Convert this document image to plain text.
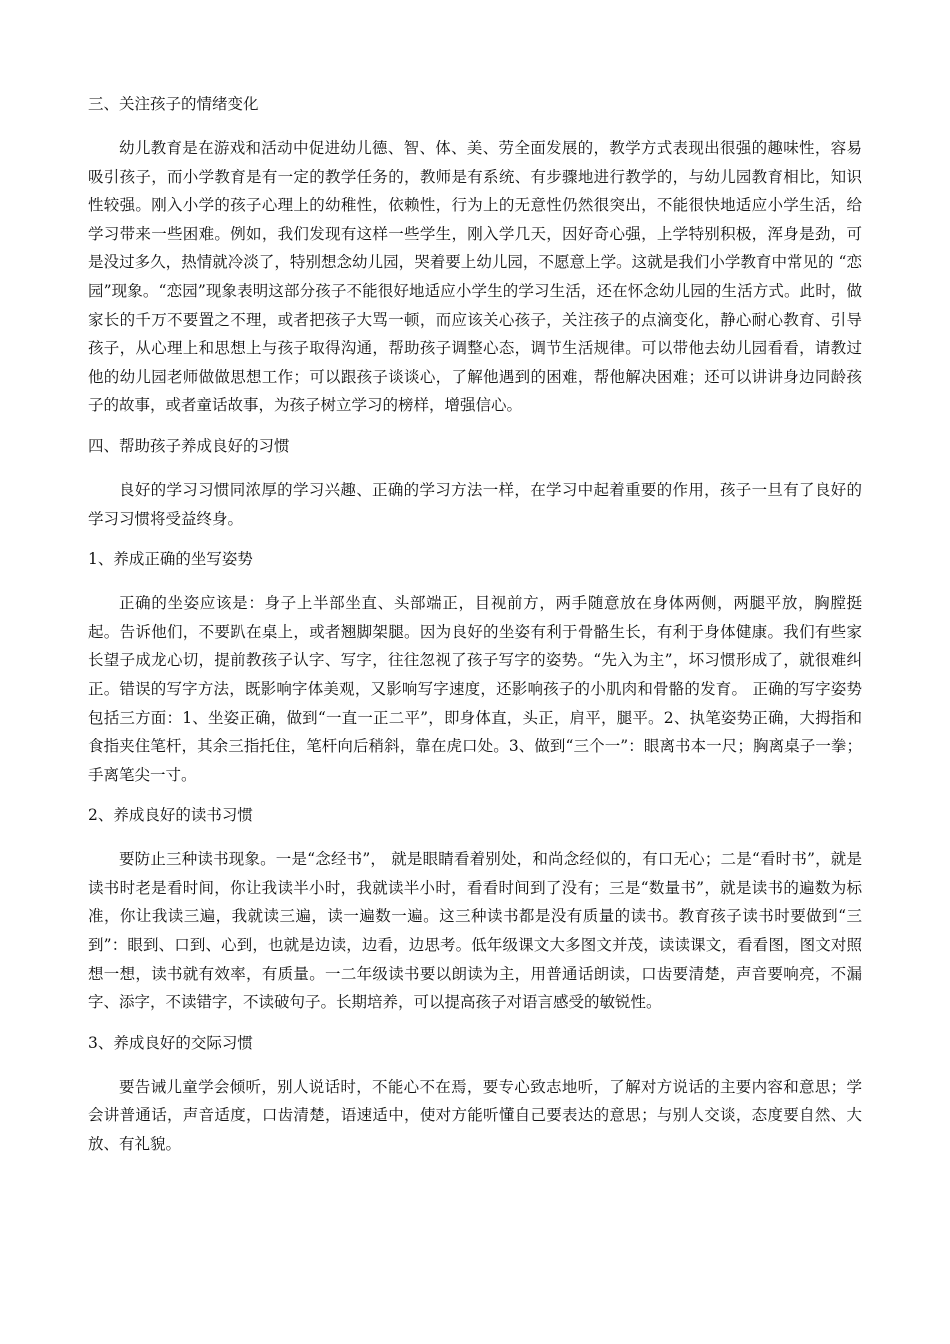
三、关注孩子的情绪变化

幼儿教育是在游戏和活动中促进幼儿德、智、体、美、劳全面发展的，教学方式表现出很强的趣味性，容易吸引孩子，而小学教育是有一定的教学任务的，教师是有系统、有步骤地进行教学的，与幼儿园教育相比，知识性较强。刚入小学的孩子心理上的幼稚性，依赖性，行为上的无意性仍然很突出，不能很快地适应小学生活，给学习带来一些困难。例如，我们发现有这样一些学生，刚入学几天，因好奇心强，上学特别积极，浑身是劲，可是没过多久，热情就冷淡了，特别想念幼儿园，哭着要上幼儿园，不愿意上学。这就是我们小学教育中常见的 “恋园”现象。“恋园”现象表明这部分孩子不能很好地适应小学生的学习生活，还在怀念幼儿园的生活方式。此时，做家长的千万不要置之不理，或者把孩子大骂一顿，而应该关心孩子，关注孩子的点滴变化，静心耐心教育、引导孩子，从心理上和思想上与孩子取得沟通，帮助孩子调整心态，调节生活规律。可以带他去幼儿园看看，请教过他的幼儿园老师做做思想工作；可以跟孩子谈谈心，了解他遇到的困难，帮他解决困难；还可以讲讲身边同龄孩子的故事，或者童话故事，为孩子树立学习的榜样，增强信心。

四、帮助孩子养成良好的习惯

良好的学习习惯同浓厚的学习兴趣、正确的学习方法一样，在学习中起着重要的作用，孩子一旦有了良好的学习习惯将受益终身。

1、养成正确的坐写姿势

正确的坐姿应该是：身子上半部坐直、头部端正，目视前方，两手随意放在身体两侧，两腿平放，胸膛挺起。告诉他们，不要趴在桌上，或者翘脚架腿。因为良好的坐姿有利于骨骼生长，有利于身体健康。我们有些家长望子成龙心切，提前教孩子认字、写字，往往忽视了孩子写字的姿势。“先入为主”，坏习惯形成了，就很难纠正。错误的写字方法，既影响字体美观，又影响写字速度，还影响孩子的小肌肉和骨骼的发育。 正确的写字姿势包括三方面：1、坐姿正确，做到“一直一正二平”，即身体直，头正，肩平，腿平。2、执笔姿势正确，大拇指和食指夹住笔杆，其余三指托住，笔杆向后稍斜，靠在虎口处。3、做到“三个一”：眼离书本一尺；胸离桌子一拳；手离笔尖一寸。

2、养成良好的读书习惯

要防止三种读书现象。一是“念经书”， 就是眼睛看着别处，和尚念经似的，有口无心；二是“看时书”，就是读书时老是看时间，你让我读半小时，我就读半小时，看看时间到了没有；三是“数量书”，就是读书的遍数为标准，你让我读三遍，我就读三遍，读一遍数一遍。这三种读书都是没有质量的读书。教育孩子读书时要做到“三到”：眼到、口到、心到，也就是边读，边看，边思考。低年级课文大多图文并茂，读读课文，看看图，图文对照想一想，读书就有效率，有质量。一二年级读书要以朗读为主，用普通话朗读，口齿要清楚，声音要响亮，不漏字、添字，不读错字，不读破句子。长期培养，可以提高孩子对语言感受的敏锐性。

3、养成良好的交际习惯

要告诫儿童学会倾听，别人说话时，不能心不在焉，要专心致志地听，了解对方说话的主要内容和意思；学会讲普通话，声音适度，口齿清楚，语速适中，使对方能听懂自己要表达的意思；与别人交谈，态度要自然、大放、有礼貌。
